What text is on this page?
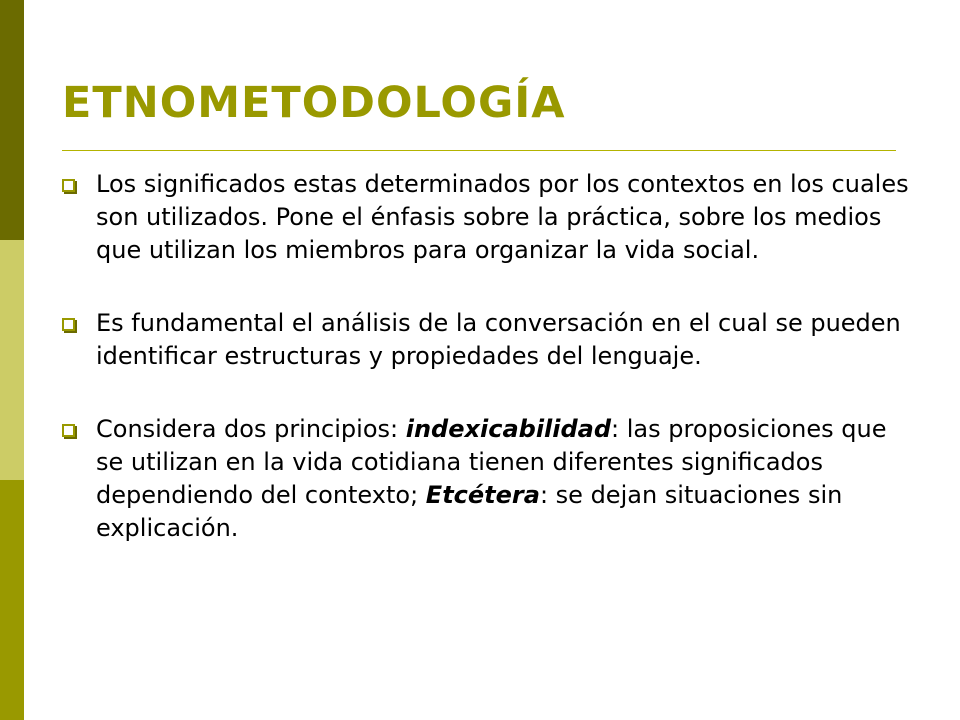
ETNOMETODOLOGÍA
Los significados estas determinados por los contextos en los cuales son utilizados. Pone el énfasis sobre la práctica, sobre los medios que utilizan los miembros para organizar la vida social.
Es fundamental el análisis de la conversación en el cual se pueden identificar estructuras y propiedades del lenguaje.
Considera dos principios: indexicabilidad: las proposiciones que se utilizan en la vida cotidiana tienen diferentes significados dependiendo del contexto; Etcétera: se dejan situaciones sin explicación.
